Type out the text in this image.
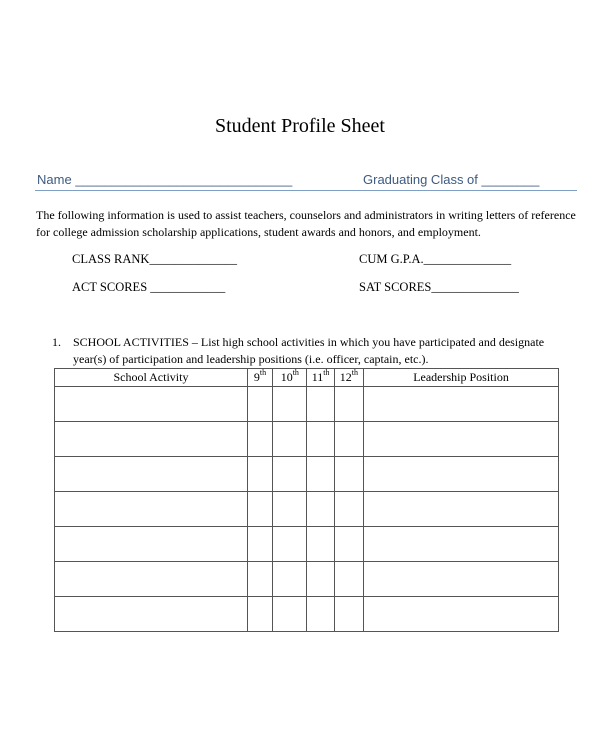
Student Profile Sheet
Name ______________________________	Graduating Class of ________
The following information is used to assist teachers, counselors and administrators in writing letters of reference
for college admission scholarship applications, student awards and honors, and employment.
CLASS RANK______________	CUM G.P.A.______________
ACT SCORES ____________	SAT SCORES______________
1. SCHOOL ACTIVITIES – List high school activities in which you have participated and designate
year(s) of participation and leadership positions (i.e. officer, captain, etc.).
School Activity	9th	10th	11th	12th	Leadership Position
